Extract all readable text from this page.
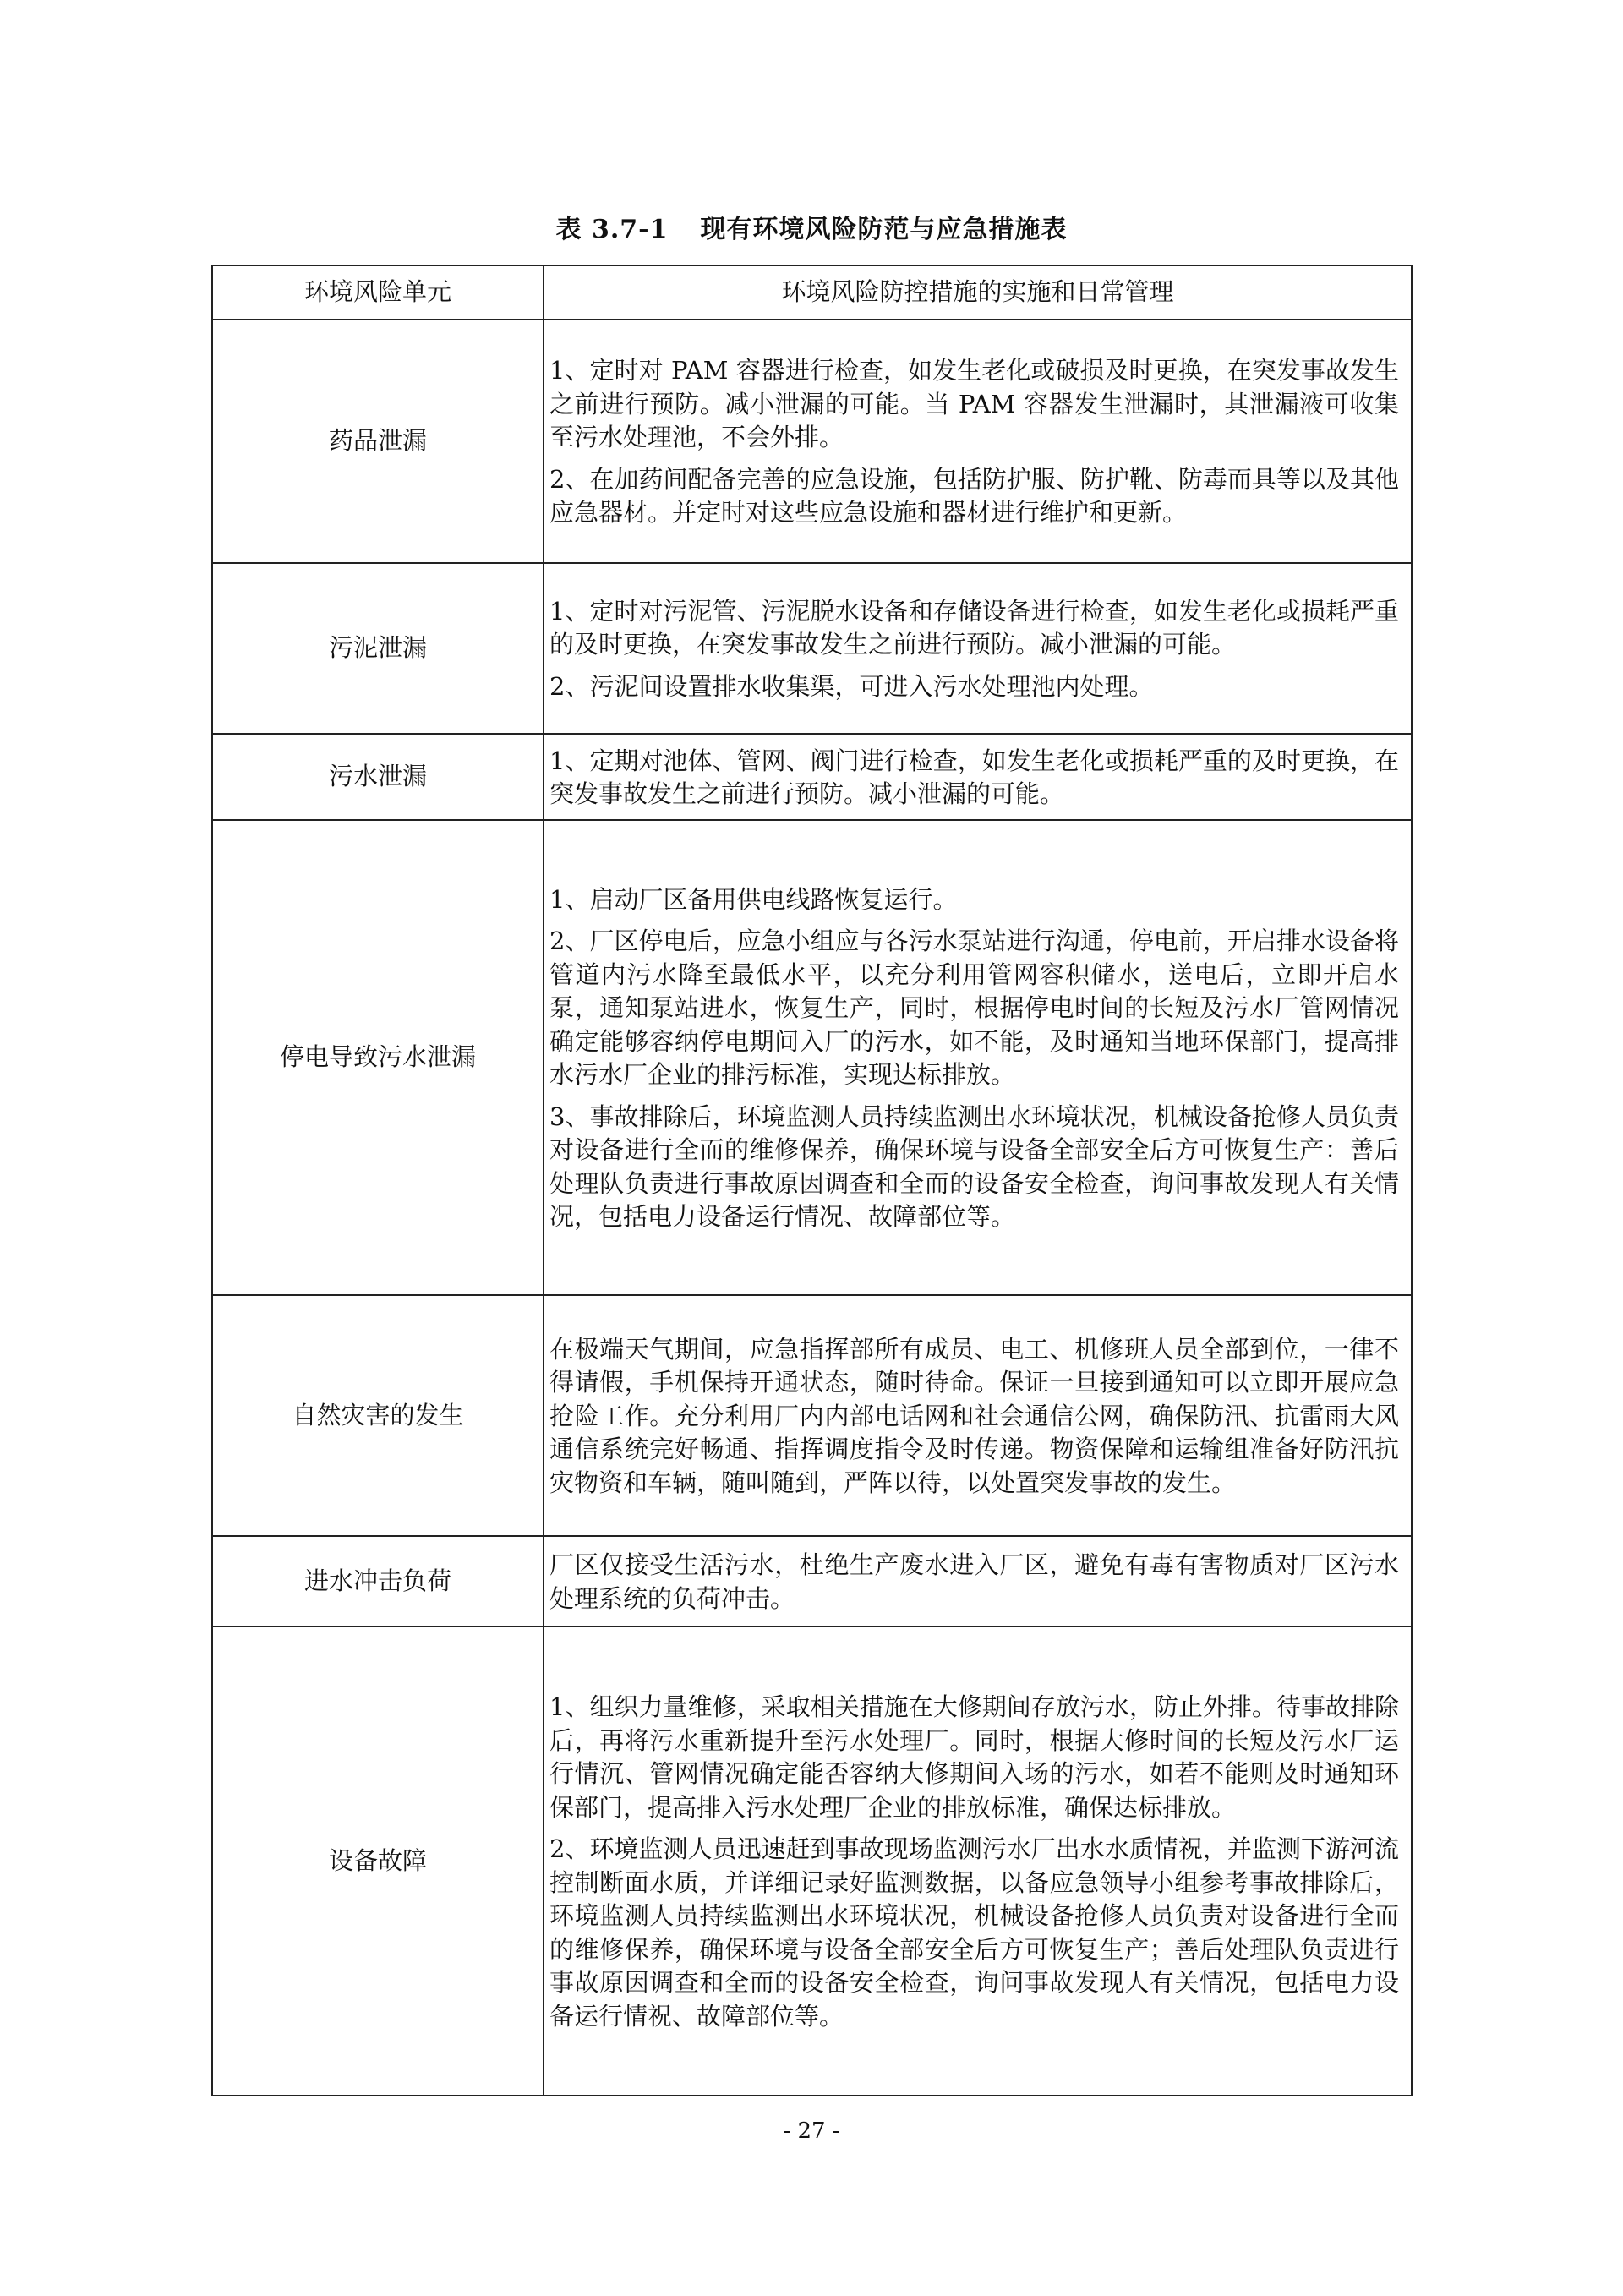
表 3.7-1 现有环境风险防范与应急措施表
环境风险单元	环境风险防控措施的实施和日常管理
药品泄漏	1、定时对 PAM 容器进行检查，如发生老化或破损及时更换，在突发事故发生之前进行预防。减小泄漏的可能。当 PAM 容器发生泄漏时，其泄漏液可收集至污水处理池，不会外排。

2、在加药间配备完善的应急设施，包括防护服、防护靴、防毒而具等以及其他应急器材。并定时对这些应急设施和器材进行维护和更新。

污泥泄漏	1、定时对污泥管、污泥脱水设备和存储设备进行检查，如发生老化或损耗严重的及时更换，在突发事故发生之前进行预防。减小泄漏的可能。

2、污泥间设置排水收集渠，可进入污水处理池内处理。

污水泄漏	1、定期对池体、管网、阀门进行检查，如发生老化或损耗严重的及时更换，在突发事故发生之前进行预防。减小泄漏的可能。

停电导致污水泄漏	1、启动厂区备用供电线路恢复运行。

2、厂区停电后，应急小组应与各污水泵站进行沟通，停电前，开启排水设备将管道内污水降至最低水平，以充分利用管网容积储水，送电后，立即开启水泵，通知泵站进水，恢复生产，同时，根据停电时间的长短及污水厂管网情况确定能够容纳停电期间入厂的污水，如不能，及时通知当地环保部门，提高排水污水厂企业的排污标准，实现达标排放。

3、事故排除后，环境监测人员持续监测出水环境状况，机械设备抢修人员负责对设备进行全而的维修保养，确保环境与设备全部安全后方可恢复生产：善后处理队负责进行事故原因调查和全而的设备安全检查，询问事故发现人有关情况，包括电力设备运行情况、故障部位等。

自然灾害的发生	在极端天气期间，应急指挥部所有成员、电工、机修班人员全部到位，一律不得请假，手机保持开通状态，随时待命。保证一旦接到通知可以立即开展应急抢险工作。充分利用厂内内部电话网和社会通信公网，确保防汛、抗雷雨大风通信系统完好畅通、指挥调度指令及时传递。物资保障和运输组准备好防汛抗灾物资和车辆，随叫随到，严阵以待，以处置突发事故的发生。

进水冲击负荷	厂区仅接受生活污水，杜绝生产废水进入厂区，避免有毒有害物质对厂区污水处理系统的负荷冲击。

设备故障	1、组织力量维修，采取相关措施在大修期间存放污水，防止外排。待事故排除后，再将污水重新提升至污水处理厂。同时，根据大修时间的长短及污水厂运行情沉、管网情况确定能否容纳大修期间入场的污水，如若不能则及时通知环保部门，提高排入污水处理厂企业的排放标准，确保达标排放。

2、环境监测人员迅速赶到事故现场监测污水厂出水水质情祝，并监测下游河流控制断面水质，并详细记录好监测数据，以备应急领导小组参考事故排除后，环境监测人员持续监测出水环境状况，机械设备抢修人员负责对设备进行全而的维修保养，确保环境与设备全部安全后方可恢复生产；善后处理队负责进行事故原因调查和全而的设备安全检查，询问事故发现人有关情况，包括电力设备运行情祝、故障部位等。

- 27 -
